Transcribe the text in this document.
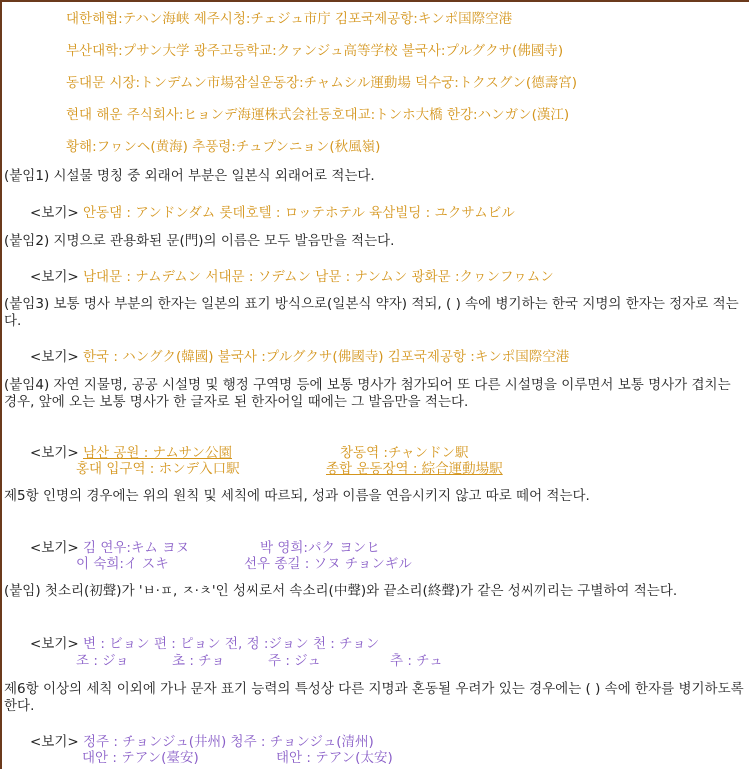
대한해협:テハン海峡 제주시청:チェジュ市庁 김포국제공항:キンポ国際空港
부산대학:プサン大学 광주고등학교:クァンジュ高等学校 불국사:プルグクサ(佛國寺)
동대문 시장:トンデムン市場잠실운동장:チャムシル運動場 덕수궁:トクスグン(德壽宮)
현대 해운 주식회사:ヒョンデ海運株式会社동호대교:トンホ大橋 한강:ハンガン(漢江)
황해:フヮンヘ(黄海) 추풍령:チュプンニョン(秋風嶺)
(붙임1) 시설물 명칭 중 외래어 부분은 일본식 외래어로 적는다.
<보기> 안동댐 : アンドンダム 롯데호텔 : ロッテホテル 육삼빌딩 : ユクサムビル
(붙임2) 지명으로 관용화된 문(門)의 이름은 모두 발음만을 적는다.
<보기> 남대문 : ナムデムン 서대문 : ソデムン 남문 : ナンムン 광화문 :クヮンフヮムン
(붙임3) 보통 명사 부분의 한자는 일본의 표기 방식으로(일본식 약자) 적되, ( ) 속에 병기하는 한국 지명의 한자는 정자로 적는다.
<보기> 한국 : ハングク(韓國) 불국사 :プルグクサ(佛國寺) 김포국제공항 :キンポ国際空港
(붙임4) 자연 지물명, 공공 시설명 및 행정 구역명 등에 보통 명사가 첨가되어 또 다른 시설명을 이루면서 보통 명사가 겹치는 경우, 앞에 오는 보통 명사가 한 글자로 된 한자어일 때에는 그 발음만을 적는다.
<보기> 남산 공원 : ナムサン公園	창동역 :チャンドン駅
홍대 입구역 : ホンデ入口駅	종합 운동장역 : 綜合運動場駅
제5항 인명의 경우에는 위의 원칙 및 세칙에 따르되, 성과 이름을 연음시키지 않고 따로 떼어 적는다.
<보기> 김 연우:キム ヨヌ	박 영희:パク ヨンヒ
이 숙희:イ スキ	선우 종길 : ソヌ チョンギル
(붙임) 첫소리(初聲)가 'ㅂ·ㅍ, ㅈ·ㅊ'인 성씨로서 속소리(中聲)와 끝소리(終聲)가 같은 성씨끼리는 구별하여 적는다.
<보기> 변 : ビョン 편 : ピョン 전, 정 :ジョン 천 : チョン
조 : ジョ	초 : チョ	주 : ジュ	추 : チュ
제6항 이상의 세칙 이외에 가나 문자 표기 능력의 특성상 다른 지명과 혼동될 우려가 있는 경우에는 ( ) 속에 한자를 병기하도록 한다.
<보기> 정주 : チョンジュ(井州) 청주 : チョンジュ(清州)
대안 : テアン(臺安)	태안 : テアン(太安)
